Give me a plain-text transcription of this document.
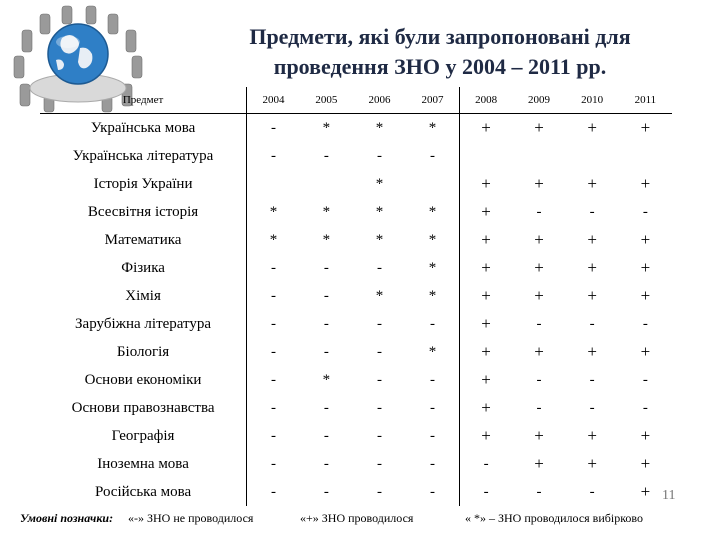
Предмети, які були запропоновані для
проведення ЗНО у 2004 – 2011 рр.
Предмет	2004	2005	2006	2007	2008	2009	2010	2011
Українська мова	-	*	*	*	+	+	+	+
Українська література	-	-	-	-				
Історія України			*		+	+	+	+
Всесвітня історія	*	*	*	*	+	-	-	-
Математика	*	*	*	*	+	+	+	+
Фізика	-	-	-	*	+	+	+	+
Хімія	-	-	*	*	+	+	+	+
Зарубіжна література	-	-	-	-	+	-	-	-
Біологія	-	-	-	*	+	+	+	+
Основи економіки	-	*	-	-	+	-	-	-
Основи правознавства	-	-	-	-	+	-	-	-
Географія	-	-	-	-	+	+	+	+
Іноземна мова	-	-	-	-	-	+	+	+
Російська мова	-	-	-	-	-	-	-	+
Умовні позначки: «-» ЗНО не проводилося	«+» ЗНО проводилося	« *» – ЗНО проводилося вибірково
11
